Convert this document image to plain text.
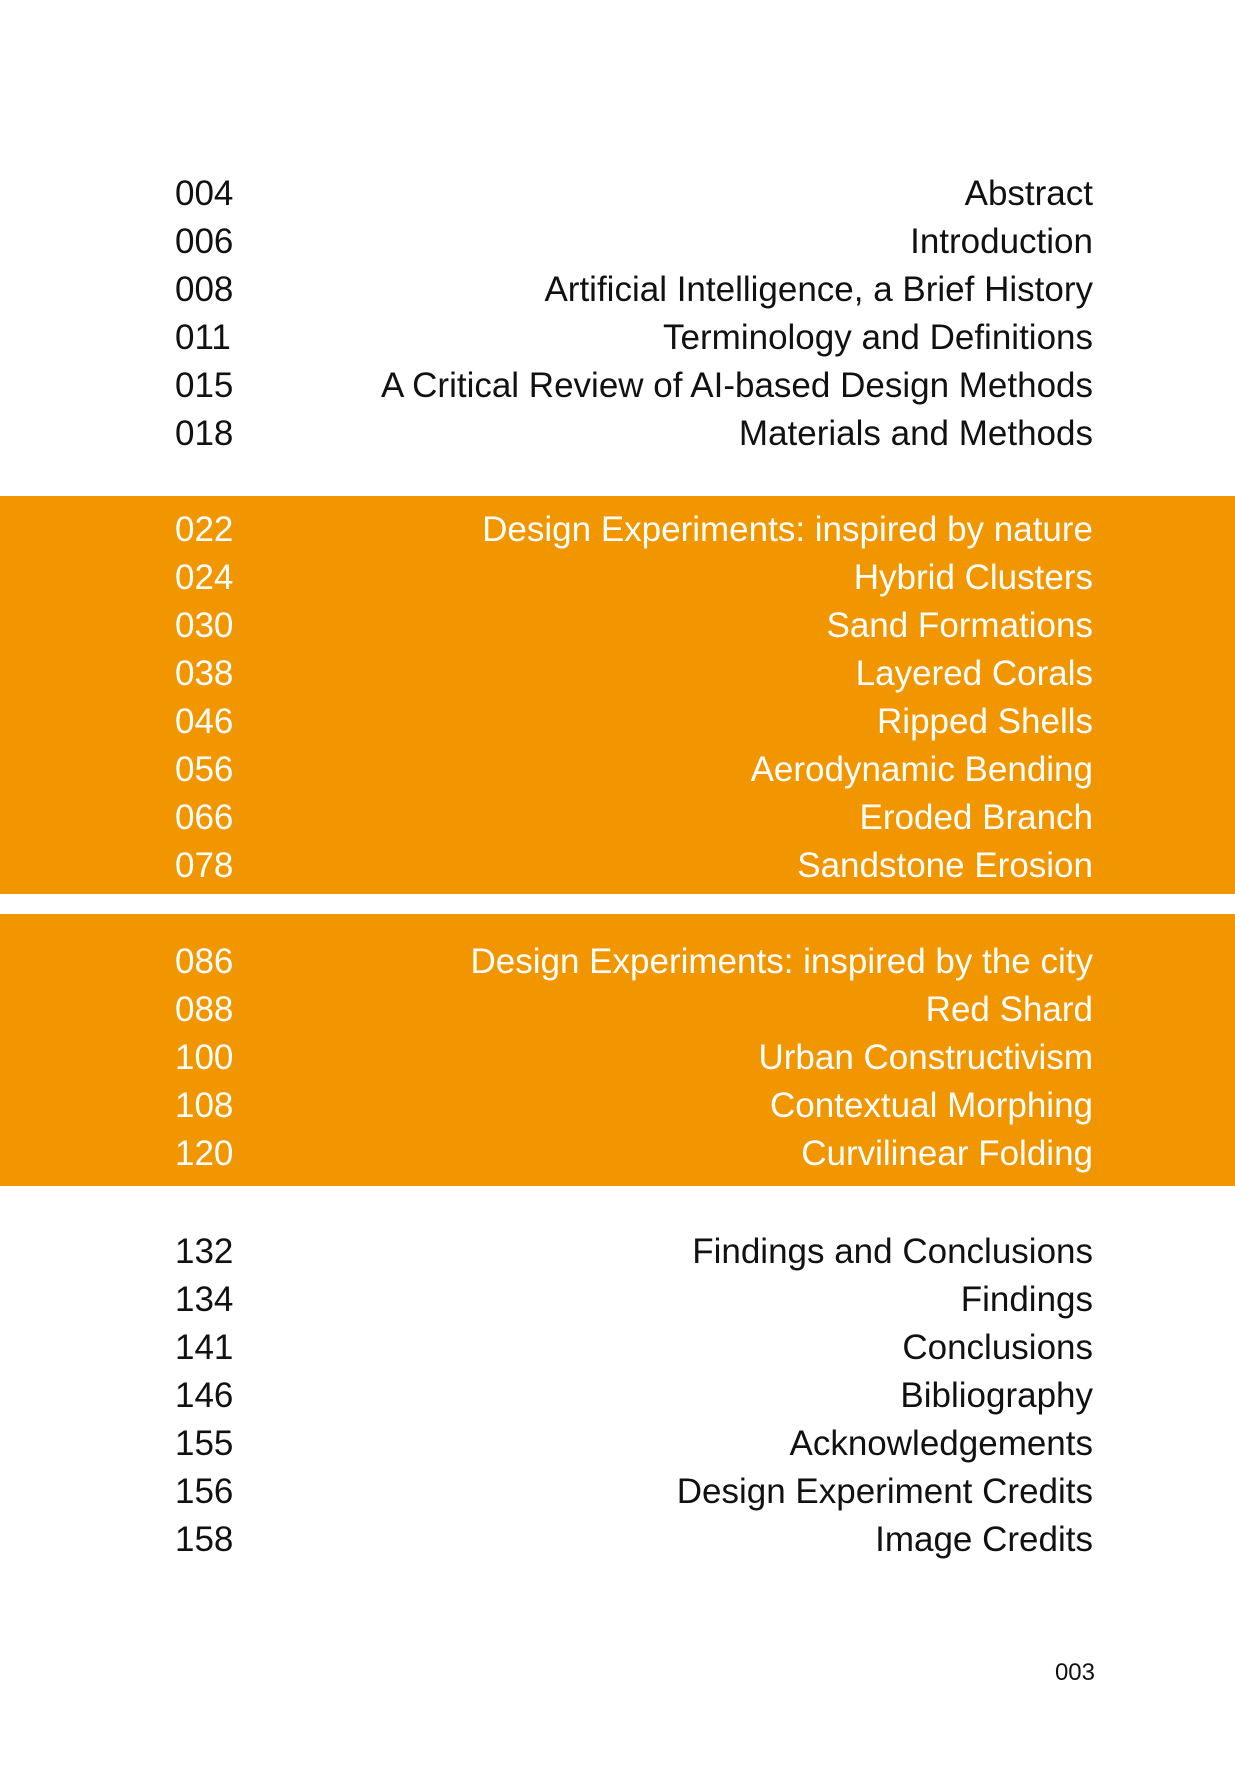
004	Abstract
006	Introduction
008	Artificial Intelligence, a Brief History
011	Terminology and Definitions
015	A Critical Review of AI-based Design Methods
018	Materials and Methods
022	Design Experiments: inspired by nature
024	Hybrid Clusters
030	Sand Formations
038	Layered Corals
046	Ripped Shells
056	Aerodynamic Bending
066	Eroded Branch
078	Sandstone Erosion
086	Design Experiments: inspired by the city
088	Red Shard
100	Urban Constructivism
108	Contextual Morphing
120	Curvilinear Folding
132	Findings and Conclusions
134	Findings
141	Conclusions
146	Bibliography
155	Acknowledgements
156	Design Experiment Credits
158	Image Credits
003
